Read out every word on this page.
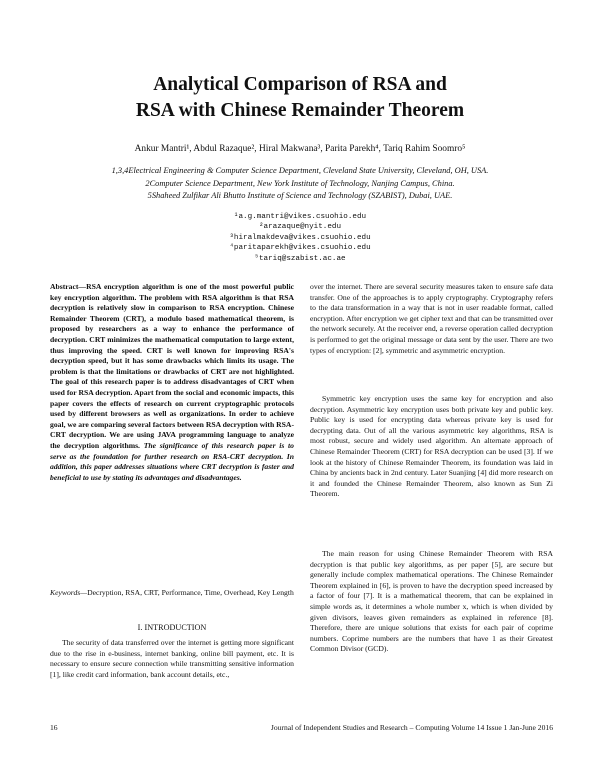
Analytical Comparison of RSA and
RSA with Chinese Remainder Theorem
Ankur Mantri¹, Abdul Razaque², Hiral Makwana³, Parita Parekh⁴, Tariq Rahim Soomro⁵
1,3,4Electrical Engineering & Computer Science Department, Cleveland State University, Cleveland, OH, USA.
2Computer Science Department, New York Institute of Technology, Nanjing Campus, China.
5Shaheed Zulfikar Ali Bhutto Institute of Science and Technology (SZABIST), Dubai, UAE.
¹a.g.mantri@vikes.csuohio.edu
²arazaque@nyit.edu
³hiralmakdeva@vikes.csuohio.edu
⁴paritaparekh@vikes.csuohio.edu
⁵tariq@szabist.ac.ae
Abstract—RSA encryption algorithm is one of the most powerful public key encryption algorithm. The problem with RSA algorithm is that RSA decryption is relatively slow in comparison to RSA encryption. Chinese Remainder Theorem (CRT), a modulo based mathematical theorem, is proposed by researchers as a way to enhance the performance of decryption. CRT minimizes the mathematical computation to large extent, thus improving the speed. CRT is well known for improving RSA's decryption speed, but it has some drawbacks which limits its usage. The problem is that the limitations or drawbacks of CRT are not highlighted. The goal of this research paper is to address disadvantages of CRT when used for RSA decryption. Apart from the social and economic impacts, this paper covers the effects of research on current cryptographic protocols used by different browsers as well as organizations. In order to achieve goal, we are comparing several factors between RSA decryption with RSA-CRT decryption. We are using JAVA programming language to analyze the decryption algorithms. The significance of this research paper is to serve as the foundation for further research on RSA-CRT decryption. In addition, this paper addresses situations where CRT decryption is faster and beneficial to use by stating its advantages and disadvantages.
Keywords—Decryption, RSA, CRT, Performance, Time, Overhead, Key Length
I. INTRODUCTION
The security of data transferred over the internet is getting more significant due to the rise in e-business, internet banking, online bill payment, etc. It is necessary to ensure secure connection while transmitting sensitive information [1], like credit card information, bank account details, etc.,
over the internet. There are several security measures taken to ensure safe data transfer. One of the approaches is to apply cryptography. Cryptography refers to the data transformation in a way that is not in user readable format, called encryption. After encryption we get cipher text and that can be transmitted over the network securely. At the receiver end, a reverse operation called decryption is performed to get the original message or data sent by the user. There are two types of encryption: [2], symmetric and asymmetric encryption.
Symmetric key encryption uses the same key for encryption and also decryption. Asymmetric key encryption uses both private key and public key. Public key is used for encrypting data whereas private key is used for decrypting data. Out of all the various asymmetric key algorithms, RSA is most robust, secure and widely used algorithm. An alternate approach of Chinese Remainder Theorem (CRT) for RSA decryption can be used [3]. If we look at the history of Chinese Remainder Theorem, its foundation was laid in China by ancients back in 2nd century. Later Suanjing [4] did more research on it and founded the Chinese Remainder Theorem, also known as Sun Zi Theorem.
The main reason for using Chinese Remainder Theorem with RSA decryption is that public key algorithms, as per paper [5], are secure but generally include complex mathematical operations. The Chinese Remainder Theorem explained in [6], is proven to have the decryption speed increased by a factor of four [7]. It is a mathematical theorem, that can be explained in simple words as, it determines a whole number x, which is when divided by given divisors, leaves given remainders as explained in reference [8]. Therefore, there are unique solutions that exists for each pair of coprime numbers. Coprime numbers are the numbers that have 1 as their Greatest Common Divisor (GCD).
16	Journal of Independent Studies and Research – Computing Volume 14 Issue 1 Jan-June 2016
